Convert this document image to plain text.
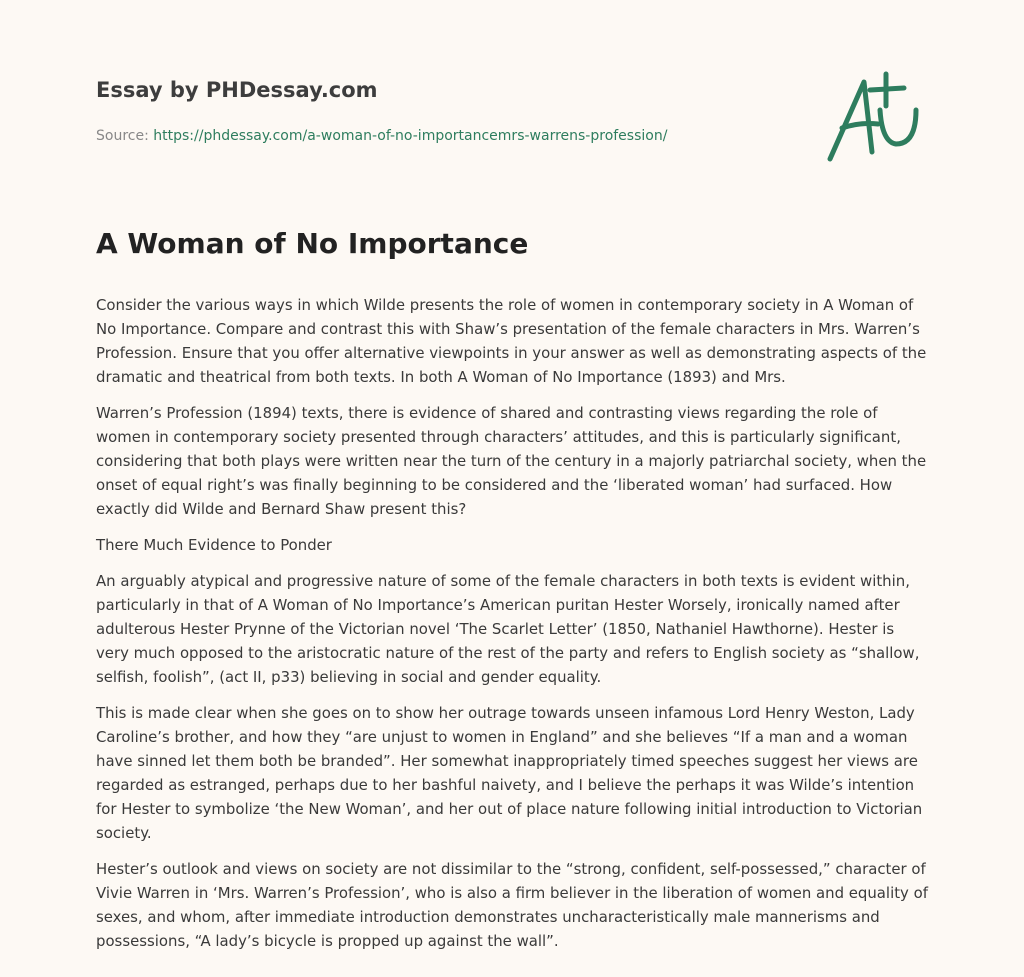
Essay by PHDessay.com

Source: https://phdessay.com/a-woman-of-no-importancemrs-warrens-profession/
A Woman of No Importance

Consider the various ways in which Wilde presents the role of women in contemporary society in A Woman of No Importance. Compare and contrast this with Shaw’s presentation of the female characters in Mrs. Warren’s Profession. Ensure that you offer alternative viewpoints in your answer as well as demonstrating aspects of the dramatic and theatrical from both texts. In both A Woman of No Importance (1893) and Mrs.

Warren’s Profession (1894) texts, there is evidence of shared and contrasting views regarding the role of women in contemporary society presented through characters’ attitudes, and this is particularly significant, considering that both plays were written near the turn of the century in a majorly patriarchal society, when the onset of equal right’s was finally beginning to be considered and the ‘liberated woman’ had surfaced. How exactly did Wilde and Bernard Shaw present this?

There Much Evidence to Ponder

An arguably atypical and progressive nature of some of the female characters in both texts is evident within, particularly in that of A Woman of No Importance’s American puritan Hester Worsely, ironically named after adulterous Hester Prynne of the Victorian novel ‘The Scarlet Letter’ (1850, Nathaniel Hawthorne). Hester is very much opposed to the aristocratic nature of the rest of the party and refers to English society as “shallow, selfish, foolish”, (act II, p33) believing in social and gender equality.

This is made clear when she goes on to show her outrage towards unseen infamous Lord Henry Weston, Lady Caroline’s brother, and how they “are unjust to women in England” and she believes “If a man and a woman have sinned let them both be branded”. Her somewhat inappropriately timed speeches suggest her views are regarded as estranged, perhaps due to her bashful naivety, and I believe the perhaps it was Wilde’s intention for Hester to symbolize ‘the New Woman’, and her out of place nature following initial introduction to Victorian society.

Hester’s outlook and views on society are not dissimilar to the “strong, confident, self-possessed,” character of Vivie Warren in ‘Mrs. Warren’s Profession’, who is also a firm believer in the liberation of women and equality of sexes, and whom, after immediate introduction demonstrates uncharacteristically male mannerisms and possessions, “A lady’s bicycle is propped up against the wall”.
